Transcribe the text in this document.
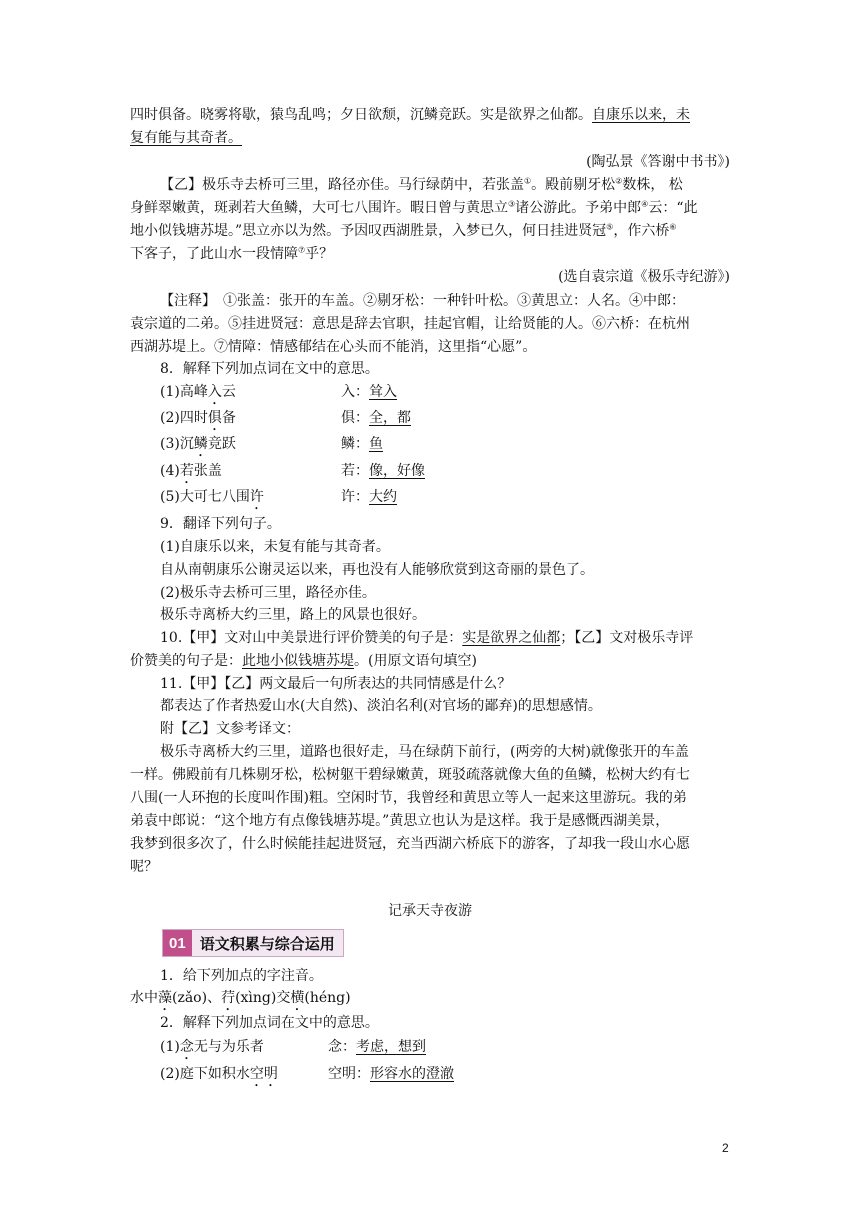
四时俱备。晓雾将歇，猿鸟乱鸣；夕日欲颓，沉鳞竞跃。实是欲界之仙都。自康乐以来，未
复有能与其奇者。
(陶弘景《答谢中书书》)
【乙】极乐寺去桥可三里，路径亦佳。马行绿荫中，若张盖①。殿前剔牙松②数株， 松
身鲜翠嫩黄，斑剥若大鱼鳞，大可七八围许。暇日曾与黄思立③诸公游此。予弟中郎④云：“此
地小似钱塘苏堤。”思立亦以为然。予因叹西湖胜景，入梦已久，何日挂进贤冠⑤，作六桥⑥
下客子，了此山水一段情障⑦乎？
(选自袁宗道《极乐寺纪游》)
【注释】　①张盖：张开的车盖。②剔牙松：一种针叶松。③黄思立：人名。④中郎：
袁宗道的二弟。⑤挂进贤冠：意思是辞去官职，挂起官帽，让给贤能的人。⑥六桥：在杭州
西湖苏堤上。⑦情障：情感郁结在心头而不能消，这里指“心愿”。
8．解释下列加点词在文中的意思。
(1)高峰入云	入：耸入
(2)四时俱备	俱：全，都
(3)沉鳞竞跃	鳞：鱼
(4)若张盖	若：像，好像
(5)大可七八围许	许：大约
9．翻译下列句子。
(1)自康乐以来，未复有能与其奇者。
自从南朝康乐公谢灵运以来，再也没有人能够欣赏到这奇丽的景色了。
(2)极乐寺去桥可三里，路径亦佳。
极乐寺离桥大约三里，路上的风景也很好。
10.【甲】文对山中美景进行评价赞美的句子是：实是欲界之仙都；【乙】文对极乐寺评
价赞美的句子是：此地小似钱塘苏堤。(用原文语句填空)
11.【甲】【乙】两文最后一句所表达的共同情感是什么？
都表达了作者热爱山水(大自然)、淡泊名利(对官场的鄙弃)的思想感情。
附【乙】文参考译文：
极乐寺离桥大约三里，道路也很好走，马在绿荫下前行，(两旁的大树)就像张开的车盖
一样。佛殿前有几株剔牙松，松树躯干碧绿嫩黄，斑驳疏落就像大鱼的鱼鳞，松树大约有七
八围(一人环抱的长度叫作围)粗。空闲时节，我曾经和黄思立等人一起来这里游玩。我的弟
弟袁中郎说：“这个地方有点像钱塘苏堤。”黄思立也认为是这样。我于是感慨西湖美景，
我梦到很多次了，什么时候能挂起进贤冠，充当西湖六桥底下的游客，了却我一段山水心愿
呢？
记承天寺夜游
01 语文积累与综合运用
1．给下列加点的字注音。
水中藻(zǎo)、荇(xìng)交横(héng)
2．解释下列加点词在文中的意思。
(1)念无与为乐者	念：考虑，想到
(2)庭下如积水空明	空明：形容水的澄澈
2
